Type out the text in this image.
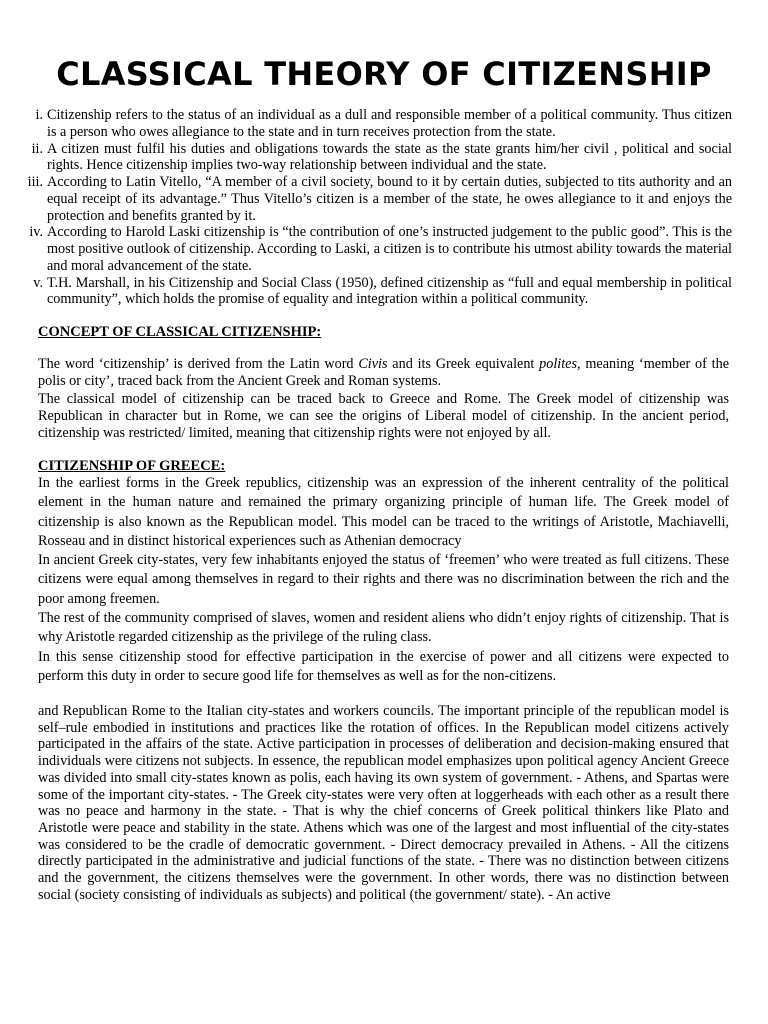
CLASSICAL THEORY OF CITIZENSHIP
i. Citizenship refers to the status of an individual as a dull and responsible member of a political community. Thus citizen is a person who owes allegiance to the state and in turn receives protection from the state.
ii. A citizen must fulfil his duties and obligations towards the state as the state grants him/her civil , political and social rights. Hence citizenship implies two-way relationship between individual and the state.
iii. According to Latin Vitello, “A member of a civil society, bound to it by certain duties, subjected to tits authority and an equal receipt of its advantage.” Thus Vitello’s citizen is a member of the state, he owes allegiance to it and enjoys the protection and benefits granted by it.
iv. According to Harold Laski citizenship is “the contribution of one’s instructed judgement to the public good”. This is the most positive outlook of citizenship. According to Laski, a citizen is to contribute his utmost ability towards the material and moral advancement of the state.
v. T.H. Marshall, in his Citizenship and Social Class (1950), defined citizenship as “full and equal membership in political community”, which holds the promise of equality and integration within a political community.
CONCEPT OF CLASSICAL CITIZENSHIP:

The word ‘citizenship’ is derived from the Latin word Civis and its Greek equivalent polites, meaning ‘member of the polis or city’, traced back from the Ancient Greek and Roman systems.

The classical model of citizenship can be traced back to Greece and Rome. The Greek model of citizenship was Republican in character but in Rome, we can see the origins of Liberal model of citizenship. In the ancient period, citizenship was restricted/ limited, meaning that citizenship rights were not enjoyed by all.

CITIZENSHIP OF GREECE:

In the earliest forms in the Greek republics, citizenship was an expression of the inherent centrality of the political element in the human nature and remained the primary organizing principle of human life. The Greek model of citizenship is also known as the Republican model. This model can be traced to the writings of Aristotle, Machiavelli, Rosseau and in distinct historical experiences such as Athenian democracy

In ancient Greek city-states, very few inhabitants enjoyed the status of ‘freemen’ who were treated as full citizens. These citizens were equal among themselves in regard to their rights and there was no discrimination between the rich and the poor among freemen.

The rest of the community comprised of slaves, women and resident aliens who didn’t enjoy rights of citizenship. That is why Aristotle regarded citizenship as the privilege of the ruling class.

In this sense citizenship stood for effective participation in the exercise of power and all citizens were expected to perform this duty in order to secure good life for themselves as well as for the non-citizens.

and Republican Rome to the Italian city-states and workers councils. The important principle of the republican model is self–rule embodied in institutions and practices like the rotation of offices. In the Republican model citizens actively participated in the affairs of the state. Active participation in processes of deliberation and decision-making ensured that individuals were citizens not subjects. In essence, the republican model emphasizes upon political agency Ancient Greece was divided into small city-states known as polis, each having its own system of government. - Athens, and Spartas were some of the important city-states. - The Greek city-states were very often at loggerheads with each other as a result there was no peace and harmony in the state. - That is why the chief concerns of Greek political thinkers like Plato and Aristotle were peace and stability in the state. Athens which was one of the largest and most influential of the city-states was considered to be the cradle of democratic government. - Direct democracy prevailed in Athens. - All the citizens directly participated in the administrative and judicial functions of the state. - There was no distinction between citizens and the government, the citizens themselves were the government. In other words, there was no distinction between social (society consisting of individuals as subjects) and political (the government/ state). - An active
